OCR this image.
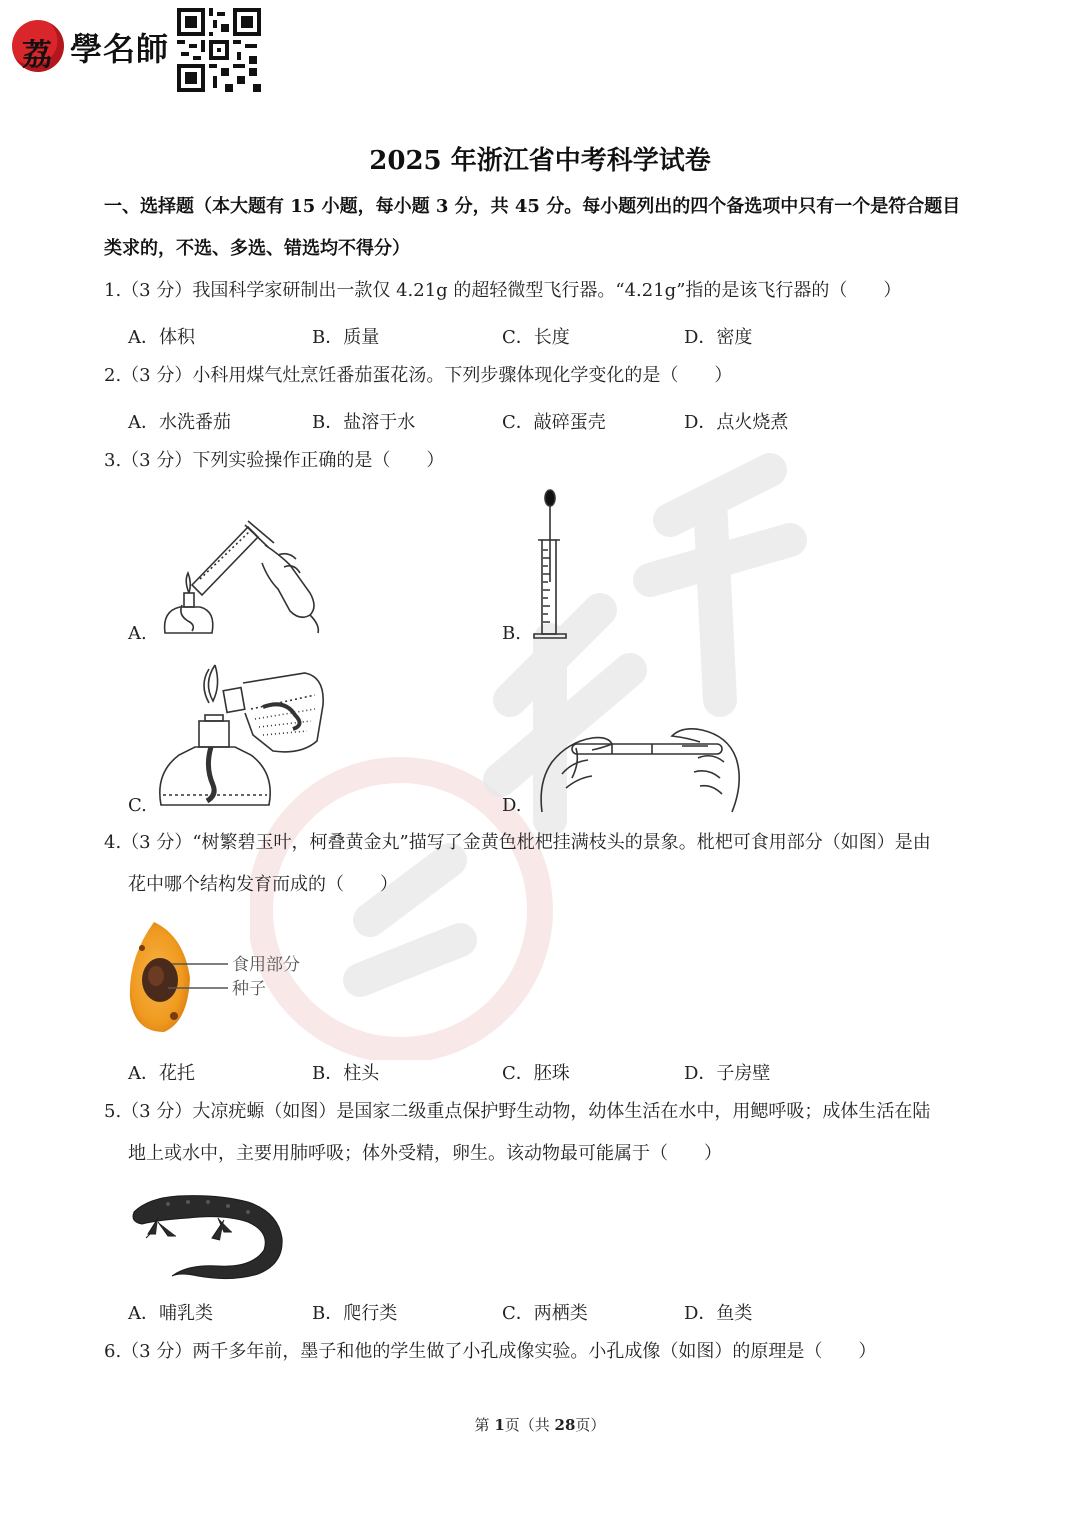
荔 學名師
2025 年浙江省中考科学试卷
一、选择题（本大题有 15 小题，每小题 3 分，共 45 分。每小题列出的四个备选项中只有一个是符合题目
类求的，不选、多选、错选均不得分）
1.（3 分）我国科学家研制出一款仅 4.21g 的超轻微型飞行器。“4.21g”指的是该飞行器的（　　）
A．体积	B．质量	C．长度	D．密度
2.（3 分）小科用煤气灶烹饪番茄蛋花汤。下列步骤体现化学变化的是（　　）
A．水洗番茄	B．盐溶于水	C．敲碎蛋壳	D．点火烧煮
3.（3 分）下列实验操作正确的是（　　）
A.	B.
C.	D.
4.（3 分）“树繁碧玉叶，柯叠黄金丸”描写了金黄色枇杷挂满枝头的景象。枇杷可食用部分（如图）是由
花中哪个结构发育而成的（　　）
食用部分
种子
A．花托	B．柱头	C．胚珠	D．子房壁
5.（3 分）大凉疣螈（如图）是国家二级重点保护野生动物，幼体生活在水中，用鳃呼吸；成体生活在陆
地上或水中，主要用肺呼吸；体外受精，卵生。该动物最可能属于（　　）
A．哺乳类	B．爬行类	C．两栖类	D．鱼类
6.（3 分）两千多年前，墨子和他的学生做了小孔成像实验。小孔成像（如图）的原理是（　　）
第 1页（共 28页）
